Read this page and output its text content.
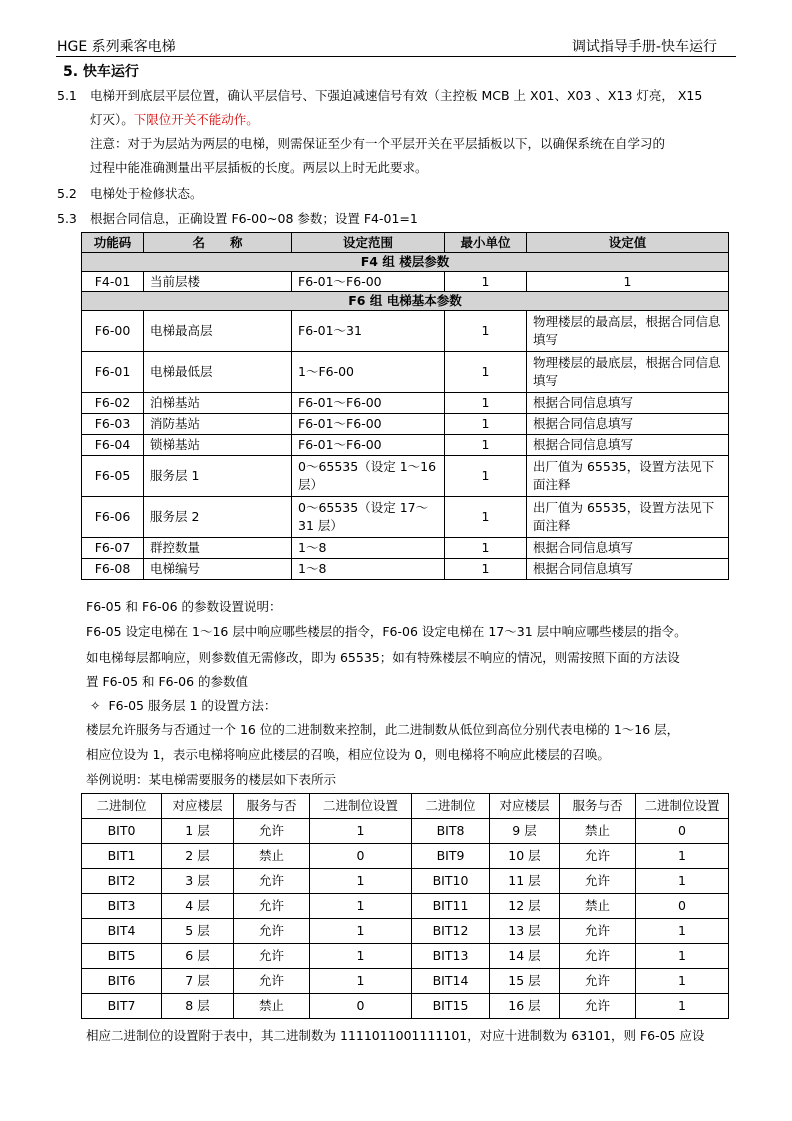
HGE 系列乘客电梯	调试指导手册-快车运行
5. 快车运行
5.1 电梯开到底层平层位置，确认平层信号、下强迫减速信号有效（主控板 MCB 上 X01、X03 、X13 灯亮， X15
灯灭）。下限位开关不能动作。
注意：对于为层站为两层的电梯，则需保证至少有一个平层开关在平层插板以下，以确保系统在自学习的
过程中能准确测量出平层插板的长度。两层以上时无此要求。
5.2 电梯处于检修状态。
5.3 根据合同信息，正确设置 F6-00~08 参数；设置 F4-01=1
功能码	名　　称	设定范围	最小单位	设定值
F4 组 楼层参数				
F4-01	当前层楼	F6-01～F6-00	1	1
F6 组 电梯基本参数				
F6-00	电梯最高层	F6-01～31	1	物理楼层的最高层，根据合同信息填写
F6-01	电梯最低层	1～F6-00	1	物理楼层的最底层，根据合同信息填写
F6-02	泊梯基站	F6-01～F6-00	1	根据合同信息填写
F6-03	消防基站	F6-01～F6-00	1	根据合同信息填写
F6-04	锁梯基站	F6-01～F6-00	1	根据合同信息填写
F6-05	服务层 1	0～65535（设定 1～16 层）	1	出厂值为 65535，设置方法见下面注释
F6-06	服务层 2	0～65535（设定 17～31 层）	1	出厂值为 65535，设置方法见下面注释
F6-07	群控数量	1～8	1	根据合同信息填写
F6-08	电梯编号	1～8	1	根据合同信息填写
F6-05 和 F6-06 的参数设置说明：
F6-05 设定电梯在 1～16 层中响应哪些楼层的指令，F6-06 设定电梯在 17～31 层中响应哪些楼层的指令。
如电梯每层都响应，则参数值无需修改，即为 65535；如有特殊楼层不响应的情况，则需按照下面的方法设
置 F6-05 和 F6-06 的参数值
✧ F6-05 服务层 1 的设置方法：
楼层允许服务与否通过一个 16 位的二进制数来控制，此二进制数从低位到高位分别代表电梯的 1～16 层，
相应位设为 1，表示电梯将响应此楼层的召唤，相应位设为 0，则电梯将不响应此楼层的召唤。
举例说明：某电梯需要服务的楼层如下表所示
二进制位	对应楼层	服务与否	二进制位设置	二进制位	对应楼层	服务与否	二进制位设置
BIT0	1 层	允许	1	BIT8	9 层	禁止	0
BIT1	2 层	禁止	0	BIT9	10 层	允许	1
BIT2	3 层	允许	1	BIT10	11 层	允许	1
BIT3	4 层	允许	1	BIT11	12 层	禁止	0
BIT4	5 层	允许	1	BIT12	13 层	允许	1
BIT5	6 层	允许	1	BIT13	14 层	允许	1
BIT6	7 层	允许	1	BIT14	15 层	允许	1
BIT7	8 层	禁止	0	BIT15	16 层	允许	1
相应二进制位的设置附于表中，其二进制数为 1111011001111101，对应十进制数为 63101，则 F6-05 应设
